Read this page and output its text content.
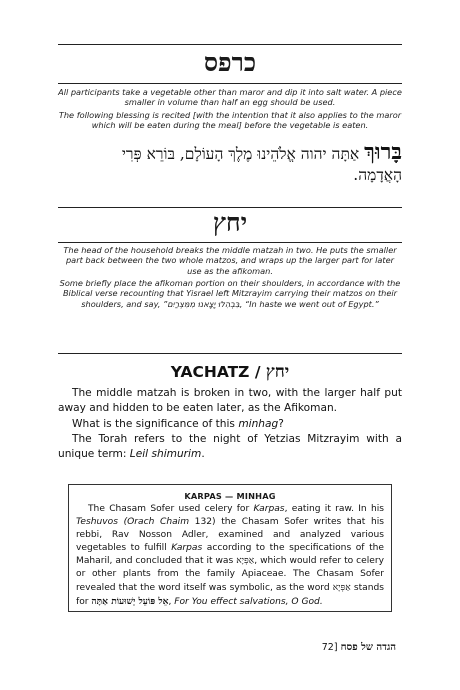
כרפס
All participants take a vegetable other than maror and dip it into salt water. A piece smaller in volume than half an egg should be used.
The following blessing is recited [with the intention that it also applies to the maror which will be eaten during the meal] before the vegetable is eaten.
בָּרוּךְ אַתָּה יהוה אֱלֹהֵינוּ מֶלֶךְ הָעוֹלָם, בּוֹרֵא פְּרִי הָאֲדָמָה.
יחץ
The head of the household breaks the middle matzah in two. He puts the smaller part back between the two whole matzos, and wraps up the larger part for later use as the afikoman.
Some briefly place the afikoman portion on their shoulders, in accordance with the Biblical verse recounting that Yisrael left Mitzrayim carrying their matzos on their shoulders, and say, ”בִּבְהִלוּ יָצָאנוּ מִמִּצְרַיִם, “In haste we went out of Egypt.”
YACHATZ / יחץ

The middle matzah is broken in two, with the larger half put away and hidden to be eaten later, as the Afikoman.

What is the significance of this minhag?

The Torah refers to the night of Yetzias Mitzrayim with a unique term: Leil shimurim.

KARPAS — MINHAG

The Chasam Sofer used celery for Karpas, eating it raw. In his Teshuvos (Orach Chaim 132) the Chasam Sofer writes that his rebbi, Rav Nosson Adler, examined and analyzed various vegetables to fulfill Karpas according to the specifications of the Maharil, and concluded that it was אַפְּיָא, which would refer to celery or other plants from the family Apiaceae. The Chasam Sofer revealed that the word itself was symbolic, as the word אַפְּיָא stands for אֵל פּוֹעֵל יְשׁוּעוֹת אַתָּה, For You effect salvations, O God.

הגדה של פסח [72
